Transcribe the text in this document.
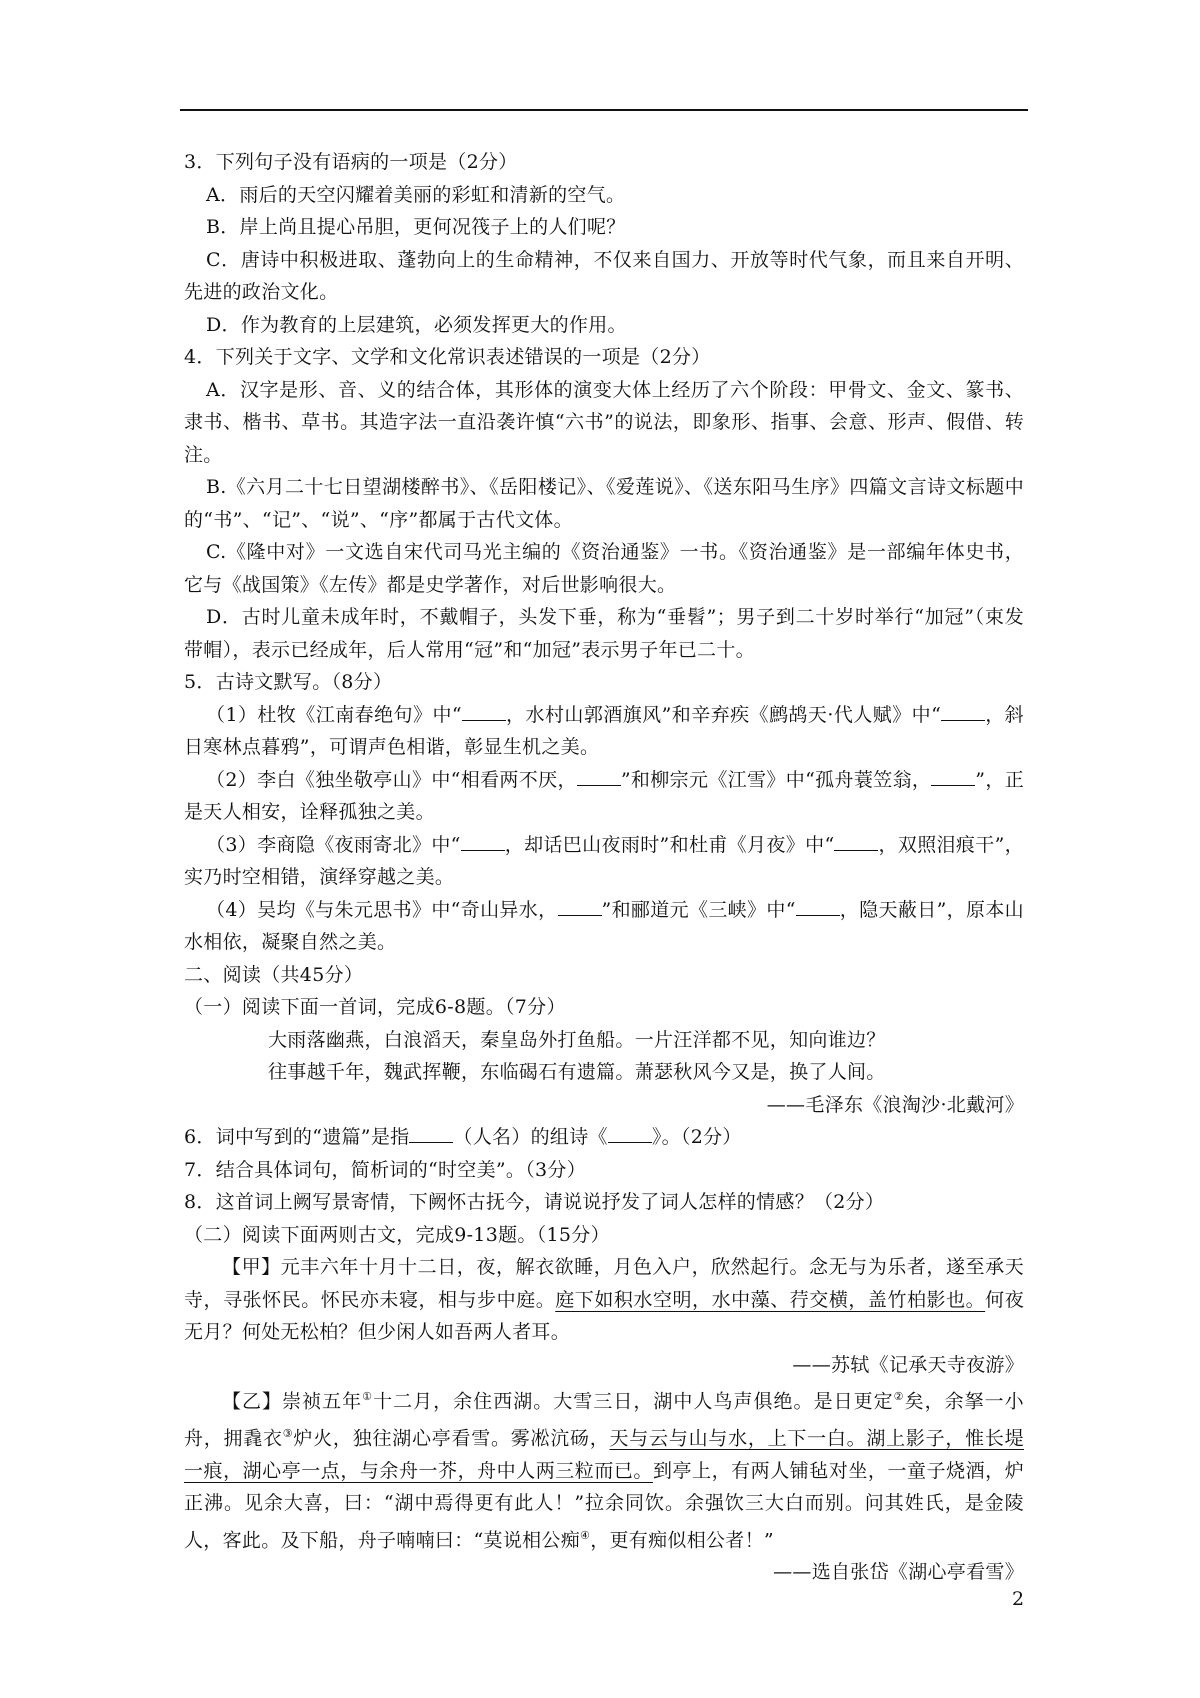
3．下列句子没有语病的一项是（2分）

A．雨后的天空闪耀着美丽的彩虹和清新的空气。

B．岸上尚且提心吊胆，更何况筏子上的人们呢？

C．唐诗中积极进取、蓬勃向上的生命精神，不仅来自国力、开放等时代气象，而且来自开明、先进的政治文化。

D．作为教育的上层建筑，必须发挥更大的作用。

4．下列关于文字、文学和文化常识表述错误的一项是（2分）

A．汉字是形、音、义的结合体，其形体的演变大体上经历了六个阶段：甲骨文、金文、篆书、隶书、楷书、草书。其造字法一直沿袭许慎“六书”的说法，即象形、指事、会意、形声、假借、转注。

B.《六月二十七日望湖楼醉书》、《岳阳楼记》、《爱莲说》、《送东阳马生序》四篇文言诗文标题中的“书”、“记”、“说”、“序”都属于古代文体。

C.《隆中对》一文选自宋代司马光主编的《资治通鉴》一书。《资治通鉴》是一部编年体史书，它与《战国策》《左传》都是史学著作，对后世影响很大。

D．古时儿童未成年时，不戴帽子，头发下垂，称为“垂髫”；男子到二十岁时举行“加冠”（束发带帽），表示已经成年，后人常用“冠”和“加冠”表示男子年已二十。

5．古诗文默写。（8分）

（1）杜牧《江南春绝句》中“ ，水村山郭酒旗风”和辛弃疾《鹧鸪天·代人赋》中“ ，斜日寒林点暮鸦”，可谓声色相谐，彰显生机之美。

（2）李白《独坐敬亭山》中“相看两不厌， ”和柳宗元《江雪》中“孤舟蓑笠翁， ”，正是天人相安，诠释孤独之美。

（3）李商隐《夜雨寄北》中“ ，却话巴山夜雨时”和杜甫《月夜》中“ ，双照泪痕干”，实乃时空相错，演绎穿越之美。

（4）吴均《与朱元思书》中“奇山异水， ”和郦道元《三峡》中“ ，隐天蔽日”，原本山水相依，凝聚自然之美。

二、阅读（共45分）

（一）阅读下面一首词，完成6-8题。（7分）

大雨落幽燕，白浪滔天，秦皇岛外打鱼船。一片汪洋都不见，知向谁边？

往事越千年，魏武挥鞭，东临碣石有遗篇。萧瑟秋风今又是，换了人间。

——毛泽东《浪淘沙·北戴河》

6．词中写到的“遗篇”是指 （人名）的组诗《 》。（2分）

7．结合具体词句，简析词的“时空美”。（3分）

8．这首词上阙写景寄情，下阙怀古抚今，请说说抒发了词人怎样的情感？（2分）

（二）阅读下面两则古文，完成9-13题。（15分）

【甲】元丰六年十月十二日，夜，解衣欲睡，月色入户，欣然起行。念无与为乐者，遂至承天寺，寻张怀民。怀民亦未寝，相与步中庭。庭下如积水空明，水中藻、荇交横，盖竹柏影也。何夜无月？何处无松柏？但少闲人如吾两人者耳。

——苏轼《记承天寺夜游》

【乙】崇祯五年①十二月，余住西湖。大雪三日，湖中人鸟声俱绝。是日更定②矣，余拏一小舟，拥毳衣③炉火，独往湖心亭看雪。雾凇沆砀，天与云与山与水，上下一白。湖上影子，惟长堤一痕，湖心亭一点，与余舟一芥，舟中人两三粒而已。到亭上，有两人铺毡对坐，一童子烧酒，炉正沸。见余大喜，曰：“湖中焉得更有此人！”拉余同饮。余强饮三大白而别。问其姓氏，是金陵人，客此。及下船，舟子喃喃曰：“莫说相公痴④，更有痴似相公者！”

——选自张岱《湖心亭看雪》

2
